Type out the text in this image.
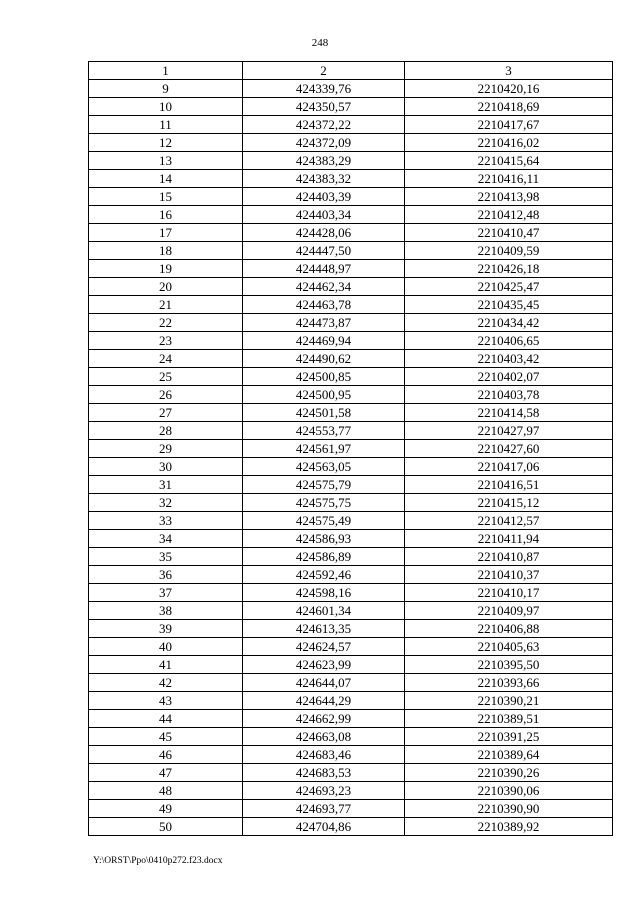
248
1	2	3
9	424339,76	2210420,16
10	424350,57	2210418,69
11	424372,22	2210417,67
12	424372,09	2210416,02
13	424383,29	2210415,64
14	424383,32	2210416,11
15	424403,39	2210413,98
16	424403,34	2210412,48
17	424428,06	2210410,47
18	424447,50	2210409,59
19	424448,97	2210426,18
20	424462,34	2210425,47
21	424463,78	2210435,45
22	424473,87	2210434,42
23	424469,94	2210406,65
24	424490,62	2210403,42
25	424500,85	2210402,07
26	424500,95	2210403,78
27	424501,58	2210414,58
28	424553,77	2210427,97
29	424561,97	2210427,60
30	424563,05	2210417,06
31	424575,79	2210416,51
32	424575,75	2210415,12
33	424575,49	2210412,57
34	424586,93	2210411,94
35	424586,89	2210410,87
36	424592,46	2210410,37
37	424598,16	2210410,17
38	424601,34	2210409,97
39	424613,35	2210406,88
40	424624,57	2210405,63
41	424623,99	2210395,50
42	424644,07	2210393,66
43	424644,29	2210390,21
44	424662,99	2210389,51
45	424663,08	2210391,25
46	424683,46	2210389,64
47	424683,53	2210390,26
48	424693,23	2210390,06
49	424693,77	2210390,90
50	424704,86	2210389,92
Y:\ORST\Ppo\0410p272.f23.docx
